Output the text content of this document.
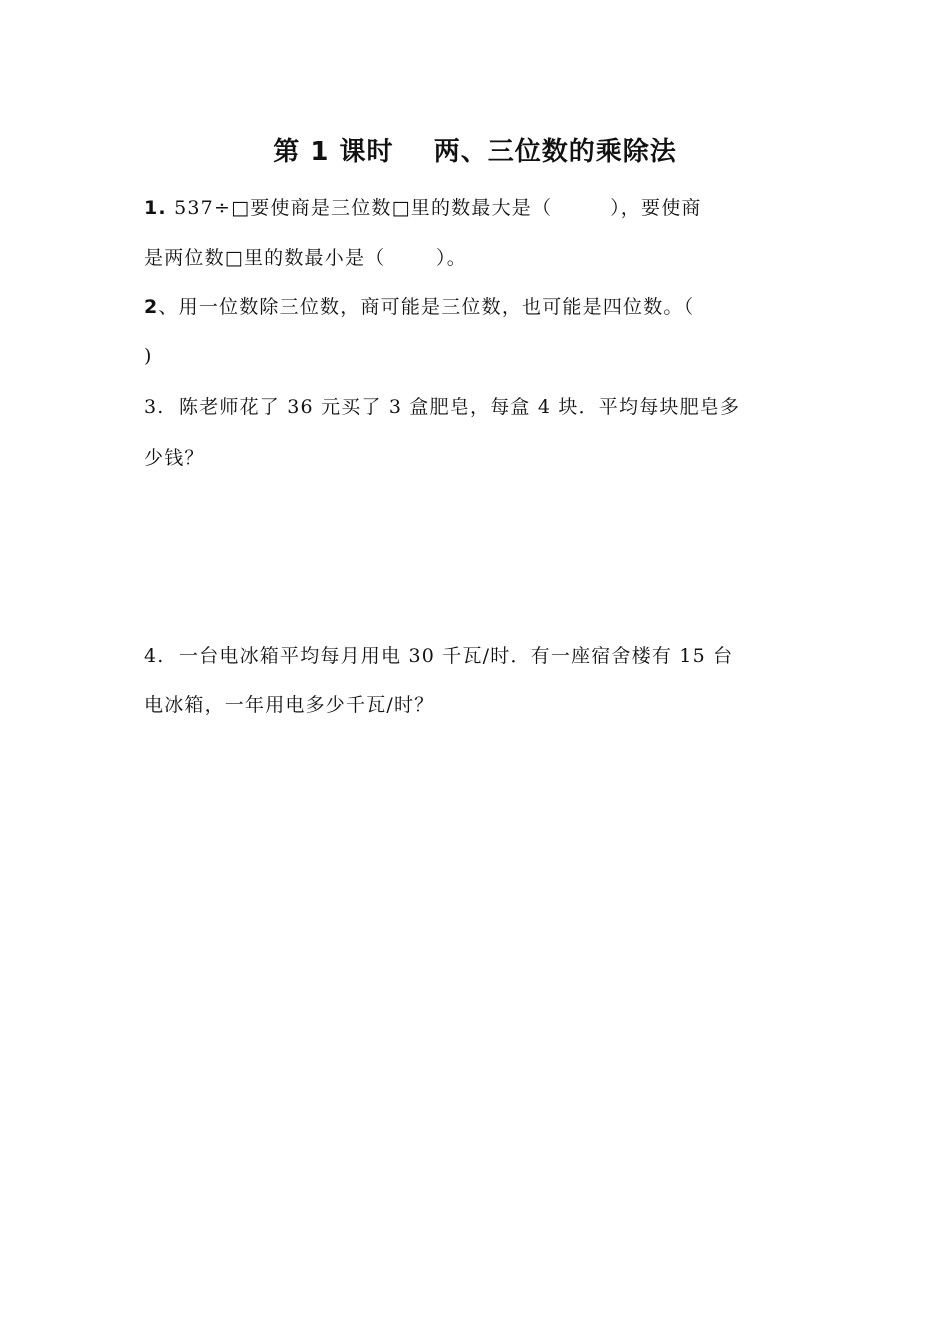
第 1 课时    两、三位数的乘除法
1. 537÷□要使商是三位数□里的数最大是（        ），要使商
是两位数□里的数最小是（       ）。
2、用一位数除三位数，商可能是三位数，也可能是四位数。（
)
3.  陈老师花了 36 元买了 3 盒肥皂，每盒 4 块．平均每块肥皂多
少钱？
4.  一台电冰箱平均每月用电 30 千瓦/时．有一座宿舍楼有 15 台
电冰箱，一年用电多少千瓦/时？
